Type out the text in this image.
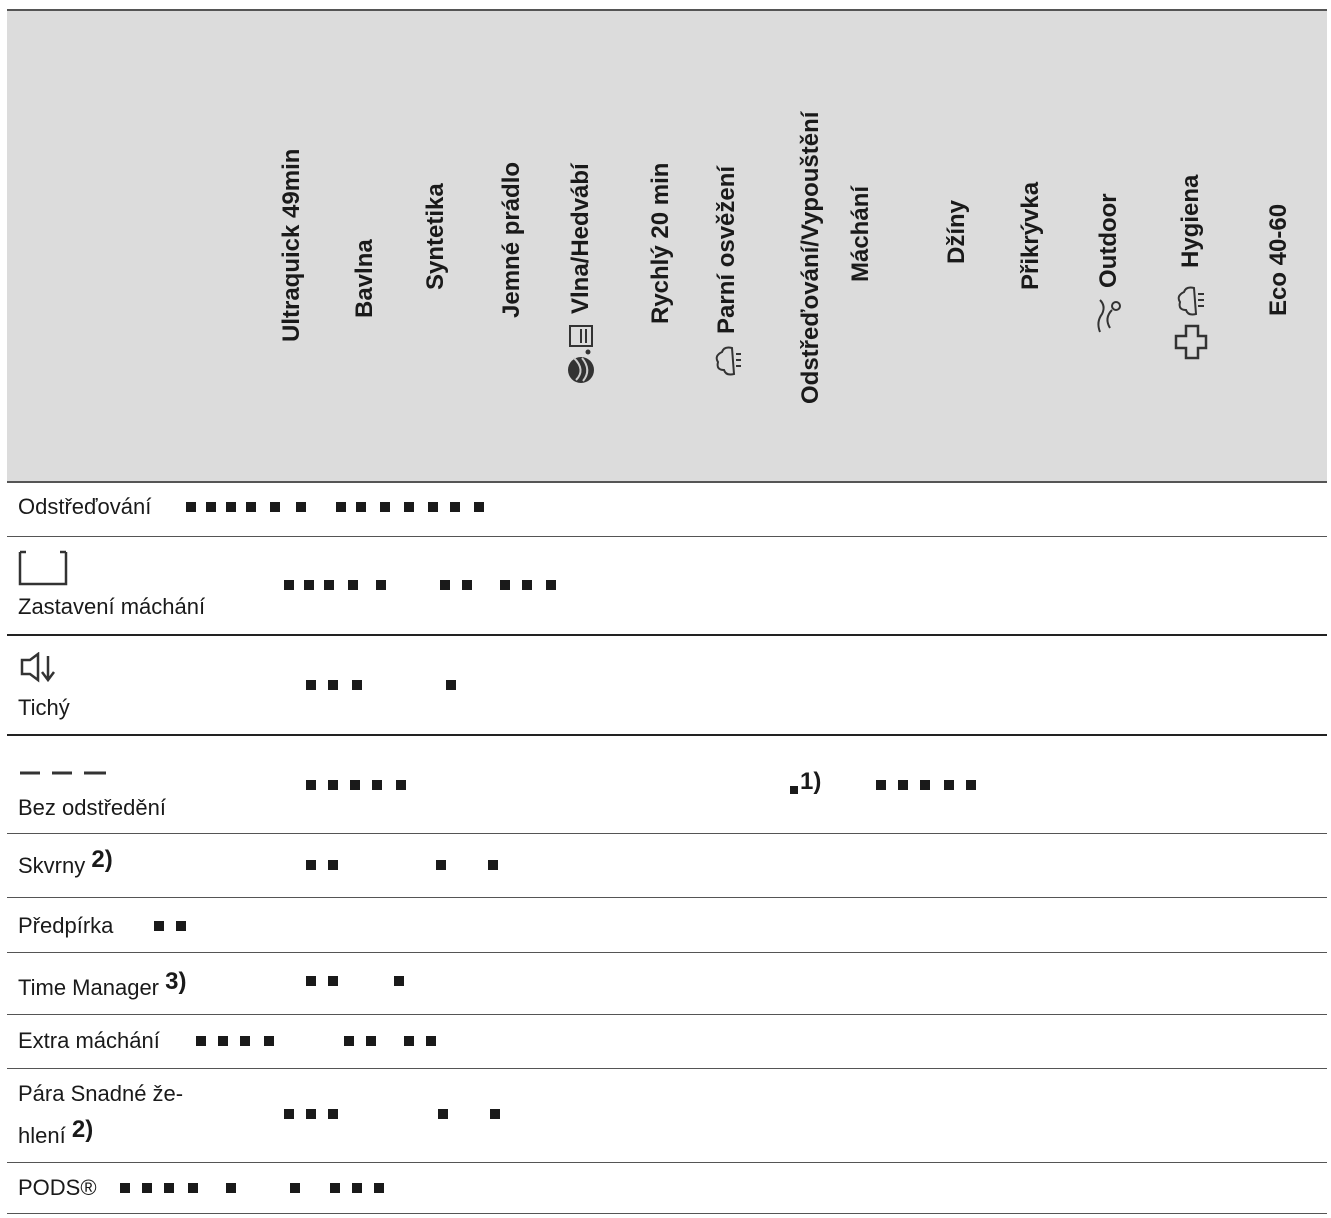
Ultraquick 49min Bavlna Syntetika Jemné prádlo Vlna/Hedvábí Rychlý 20 min Parní osvěžení Odstřeďování/Vypouštění Máchání	Džíny Přikrývka Outdoor Hygiena	Eco 40-60
Odstřeďování
Zastavení máchání
Tichý
Bez odstředění
1)
Skvrny 2)
Předpírka
Time Manager 3)
Extra máchání
Pára Snadné že-
hlení 2)
PODS®
